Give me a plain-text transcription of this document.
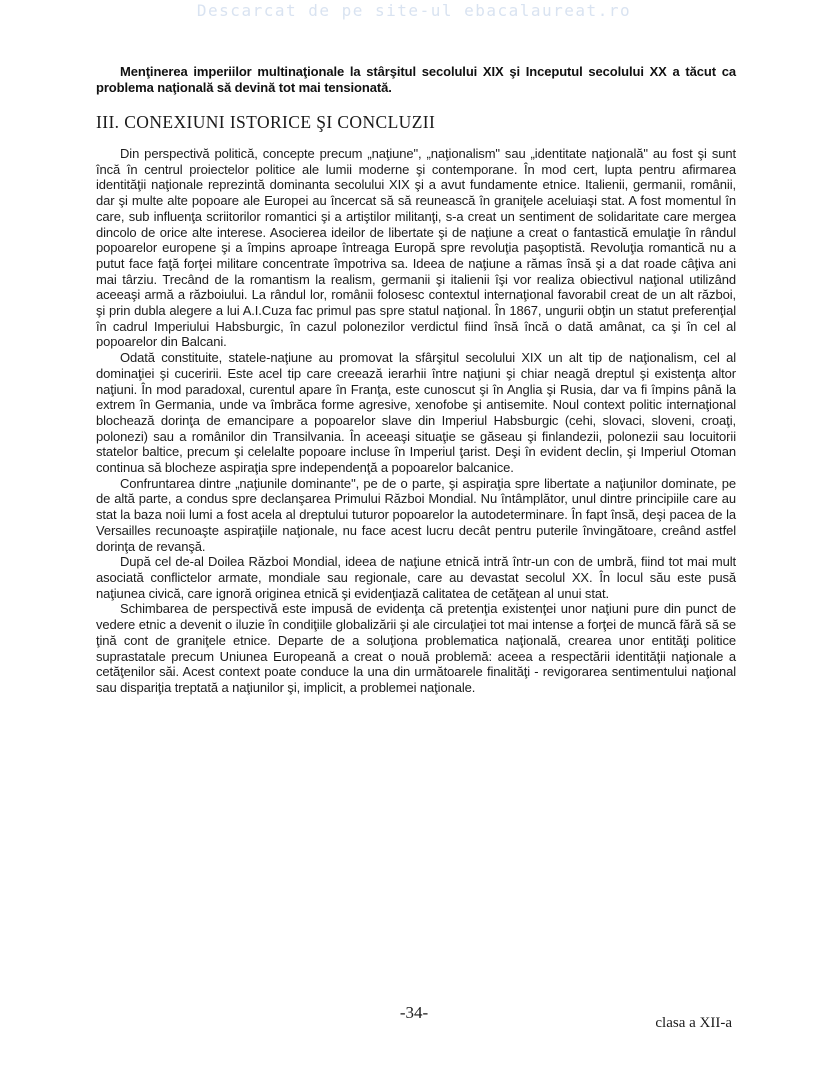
Descarcat de pe site-ul ebacalaureat.ro

Menţinerea imperiilor multinaţionale la stârşitul secolului XIX şi Inceputul secolului XX a tăcut ca problema naţională să devină tot mai tensionată.

III. CONEXIUNI ISTORICE ŞI CONCLUZII

Din perspectivă politică, concepte precum „naţiune", „naţionalism" sau „identitate naţională" au fost şi sunt încă în centrul proiectelor politice ale lumii moderne şi contemporane. În mod cert, lupta pentru afirmarea identităţii naţionale reprezintă dominanta secolului XIX şi a avut fundamente etnice. Italienii, germanii, românii, dar şi multe alte popoare ale Europei au încercat să să reunească în graniţele aceluiaşi stat. A fost momentul în care, sub influenţa scriitorilor romantici şi a artiştilor militanţi, s-a creat un sentiment de solidaritate care mergea dincolo de orice alte interese. Asocierea ideilor de libertate şi de naţiune a creat o fantastică emulaţie în rândul popoarelor europene şi a împins aproape întreaga Europă spre revoluţia paşoptistă. Revoluţia romantică nu a putut face faţă forţei militare concentrate împotriva sa. Ideea de naţiune a rămas însă şi a dat roade câţiva ani mai târziu. Trecând de la romantism la realism, germanii şi italienii îşi vor realiza obiectivul naţional utilizând aceeaşi armă a războiului. La rândul lor, românii folosesc contextul internaţional favorabil creat de un alt război, şi prin dubla alegere a lui A.I.Cuza fac primul pas spre statul naţional. În 1867, ungurii obţin un statut preferenţial în cadrul Imperiului Habsburgic, în cazul polonezilor verdictul fiind însă încă o dată amânat, ca şi în cel al popoarelor din Balcani.

Odată constituite, statele-naţiune au promovat la sfârşitul secolului XIX un alt tip de naţionalism, cel al dominaţiei şi cuceririi. Este acel tip care creează ierarhii între naţiuni şi chiar neagă dreptul şi existenţa altor naţiuni. În mod paradoxal, curentul apare în Franţa, este cunoscut şi în Anglia şi Rusia, dar va fi împins până la extrem în Germania, unde va îmbrăca forme agresive, xenofobe şi antisemite. Noul context politic internaţional blochează dorinţa de emancipare a popoarelor slave din Imperiul Habsburgic (cehi, slovaci, sloveni, croaţi, polonezi) sau a românilor din Transilvania. În aceeaşi situaţie se găseau şi finlandezii, polonezii sau locuitorii statelor baltice, precum şi celelalte popoare incluse în Imperiul ţarist. Deşi în evident declin, şi Imperiul Otoman continua să blocheze aspiraţia spre independenţă a popoarelor balcanice.

Confruntarea dintre „naţiunile dominante", pe de o parte, şi aspiraţia spre libertate a naţiunilor dominate, pe de altă parte, a condus spre declanşarea Primului Război Mondial. Nu întâmplător, unul dintre principiile care au stat la baza noii lumi a fost acela al dreptului tuturor popoarelor la autodeterminare. În fapt însă, deşi pacea de la Versailles recunoaşte aspiraţiile naţionale, nu face acest lucru decât pentru puterile învingătoare, creând astfel dorinţa de revanşă.

După cel de-al Doilea Război Mondial, ideea de naţiune etnică intră într-un con de umbră, fiind tot mai mult asociată conflictelor armate, mondiale sau regionale, care au devastat secolul XX. În locul său este pusă naţiunea civică, care ignoră originea etnică şi evidenţiază calitatea de cetăţean al unui stat.

Schimbarea de perspectivă este impusă de evidenţa că pretenţia existenţei unor naţiuni pure din punct de vedere etnic a devenit o iluzie în condiţiile globalizării şi ale circulaţiei tot mai intense a forţei de muncă fără să se ţină cont de graniţele etnice. Departe de a soluţiona problematica naţională, crearea unor entităţi politice suprastatale precum Uniunea Europeană a creat o nouă problemă: aceea a respectării identităţii naţionale a cetăţenilor săi. Acest context poate conduce la una din următoarele finalităţi - revigorarea sentimentului naţional sau dispariţia treptată a naţiunilor şi, implicit, a problemei naţionale.

-34-
clasa a XII-a
